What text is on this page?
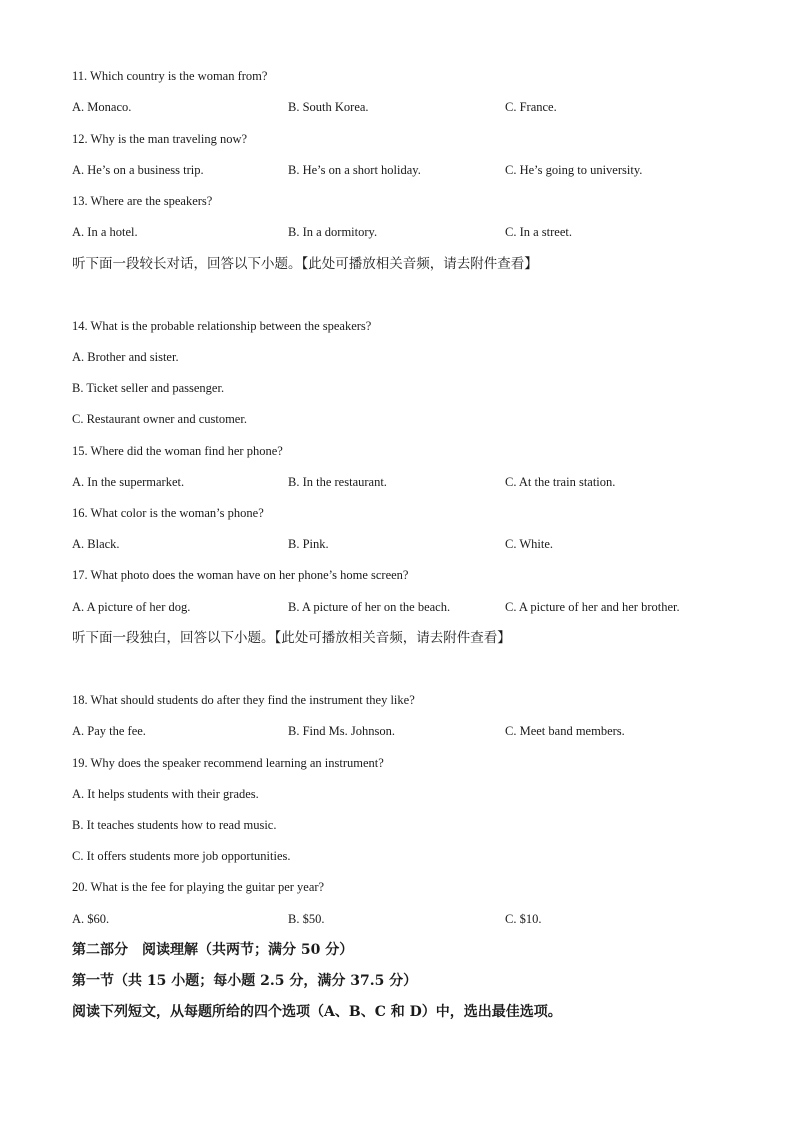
11. Which country is the woman from?
A. Monaco.	B. South Korea.	C. France.
12. Why is the man traveling now?
A. He’s on a business trip.	B. He’s on a short holiday.	C. He’s going to university.
13. Where are the speakers?
A. In a hotel.	B. In a dormitory.	C. In a street.
听下面一段较长对话，回答以下小题。【此处可播放相关音频，请去附件查看】
14. What is the probable relationship between the speakers?
A. Brother and sister.
B. Ticket seller and passenger.
C. Restaurant owner and customer.
15. Where did the woman find her phone?
A. In the supermarket.	B. In the restaurant.	C. At the train station.
16. What color is the woman’s phone?
A. Black.	B. Pink.	C. White.
17. What photo does the woman have on her phone’s home screen?
A. A picture of her dog.	B. A picture of her on the beach.	C. A picture of her and her brother.
听下面一段独白，回答以下小题。【此处可播放相关音频，请去附件查看】
18. What should students do after they find the instrument they like?
A. Pay the fee.	B. Find Ms. Johnson.	C. Meet band members.
19. Why does the speaker recommend learning an instrument?
A. It helps students with their grades.
B. It teaches students how to read music.
C. It offers students more job opportunities.
20. What is the fee for playing the guitar per year?
A. $60.	B. $50.	C. $10.
第二部分　阅读理解（共两节；满分 50 分）
第一节（共 15 小题；每小题 2.5 分，满分 37.5 分）
阅读下列短文，从每题所给的四个选项（A、B、C 和 D）中，选出最佳选项。
